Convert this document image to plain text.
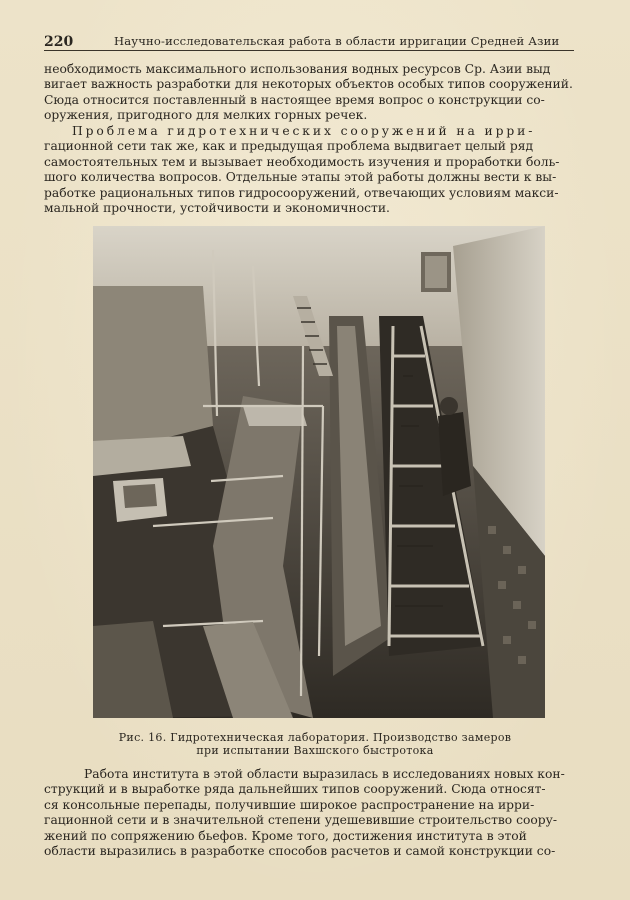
220	Научно-исследовательская работа в области ирригации Средней Азии
необходимость максимального использования водных ресурсов Ср. Азии выд
вигает важность разработки для некоторых объектов особых типов сооружений.
Сюда относится поставленный в настоящее время вопрос о конструкции со-
оружения, пригодного для мелких горных речек.
Проблема гидротехнических сооружений на ирри-
гационной сети так же, как и предыдущая проблема выдвигает целый ряд
самостоятельных тем и вызывает необходимость изучения и проработки боль-
шого количества вопросов. Отдельные этапы этой работы должны вести к вы-
работке рациональных типов гидросооружений, отвечающих условиям макси-
мальной прочности, устойчивости и экономичности.
Рис. 16. Гидротехническая лаборатория. Производство замеров
при испытании Вахшского быстротока
Работа института в этой области выразилась в исследованиях новых кон-
струкций и в выработке ряда дальнейших типов сооружений. Сюда относят-
ся консольные перепады, получившие широкое распространение на ирри-
гационной сети и в значительной степени удешевившие строительство соору-
жений по сопряжению бьефов. Кроме того, достижения института в этой
области выразились в разработке способов расчетов и самой конструкции со-
